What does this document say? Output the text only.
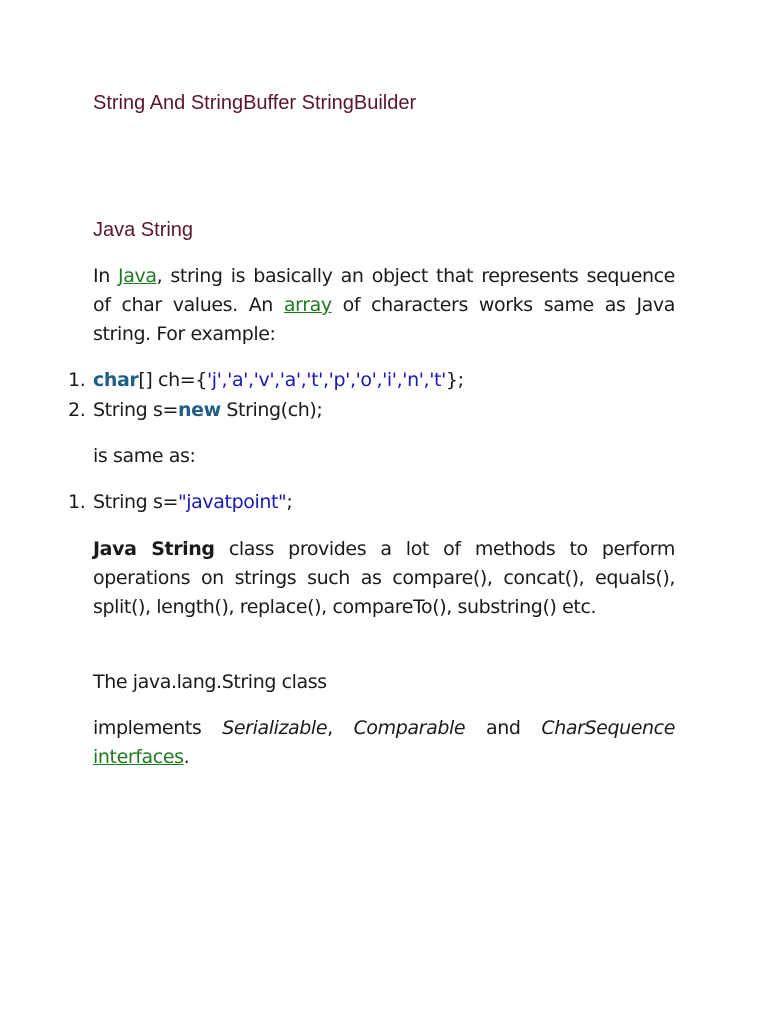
String And StringBuffer StringBuilder
Java String

In Java, string is basically an object that represents sequence of char values. An array of characters works same as Java string. For example:

1. char[] ch={'j','a','v','a','t','p','o','i','n','t'};

2. String s=new String(ch);

is same as:

1. String s="javatpoint";

Java String class provides a lot of methods to perform operations on strings such as compare(), concat(), equals(), split(), length(), replace(), compareTo(), substring() etc.

The java.lang.String class

implements Serializable, Comparable and CharSequence interfaces.
